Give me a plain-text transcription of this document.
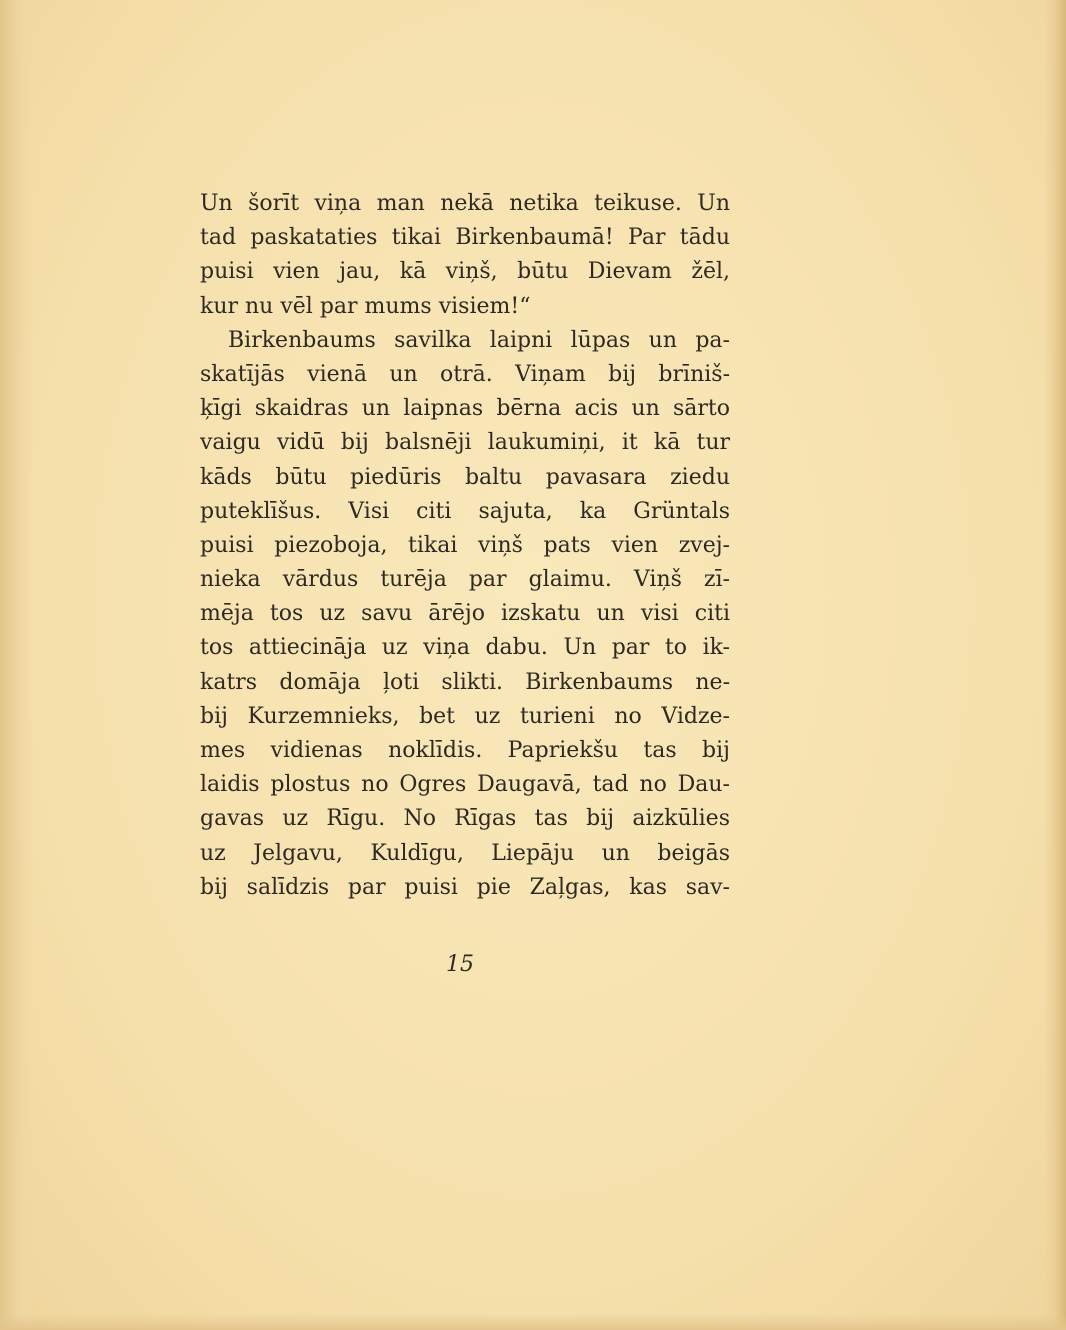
Un šorīt viņa man nekā netika teikuse. Un
tad paskataties tikai Birkenbaumā! Par tādu
puisi vien jau, kā viņš, būtu Dievam žēl,
kur nu vēl par mums visiem!“
Birkenbaums savilka laipni lūpas un pa-
skatījās vienā un otrā. Viņam bij brīniš-
ķīgi skaidras un laipnas bērna acis un sārto
vaigu vidū bij balsnēji laukumiņi, it kā tur
kāds būtu piedūris baltu pavasara ziedu
puteklīšus. Visi citi sajuta, ka Grüntals
puisi piezoboja, tikai viņš pats vien zvej-
nieka vārdus turēja par glaimu. Viņš zī-
mēja tos uz savu ārējo izskatu un visi citi
tos attiecināja uz viņa dabu. Un par to ik-
katrs domāja ļoti slikti. Birkenbaums ne-
bij Kurzemnieks, bet uz turieni no Vidze-
mes vidienas noklīdis. Papriekšu tas bij
laidis plostus no Ogres Daugavā, tad no Dau-
gavas uz Rīgu. No Rīgas tas bij aizkūlies
uz Jelgavu, Kuldīgu, Liepāju un beigās
bij salīdzis par puisi pie Zaļgas, kas sav-
15
